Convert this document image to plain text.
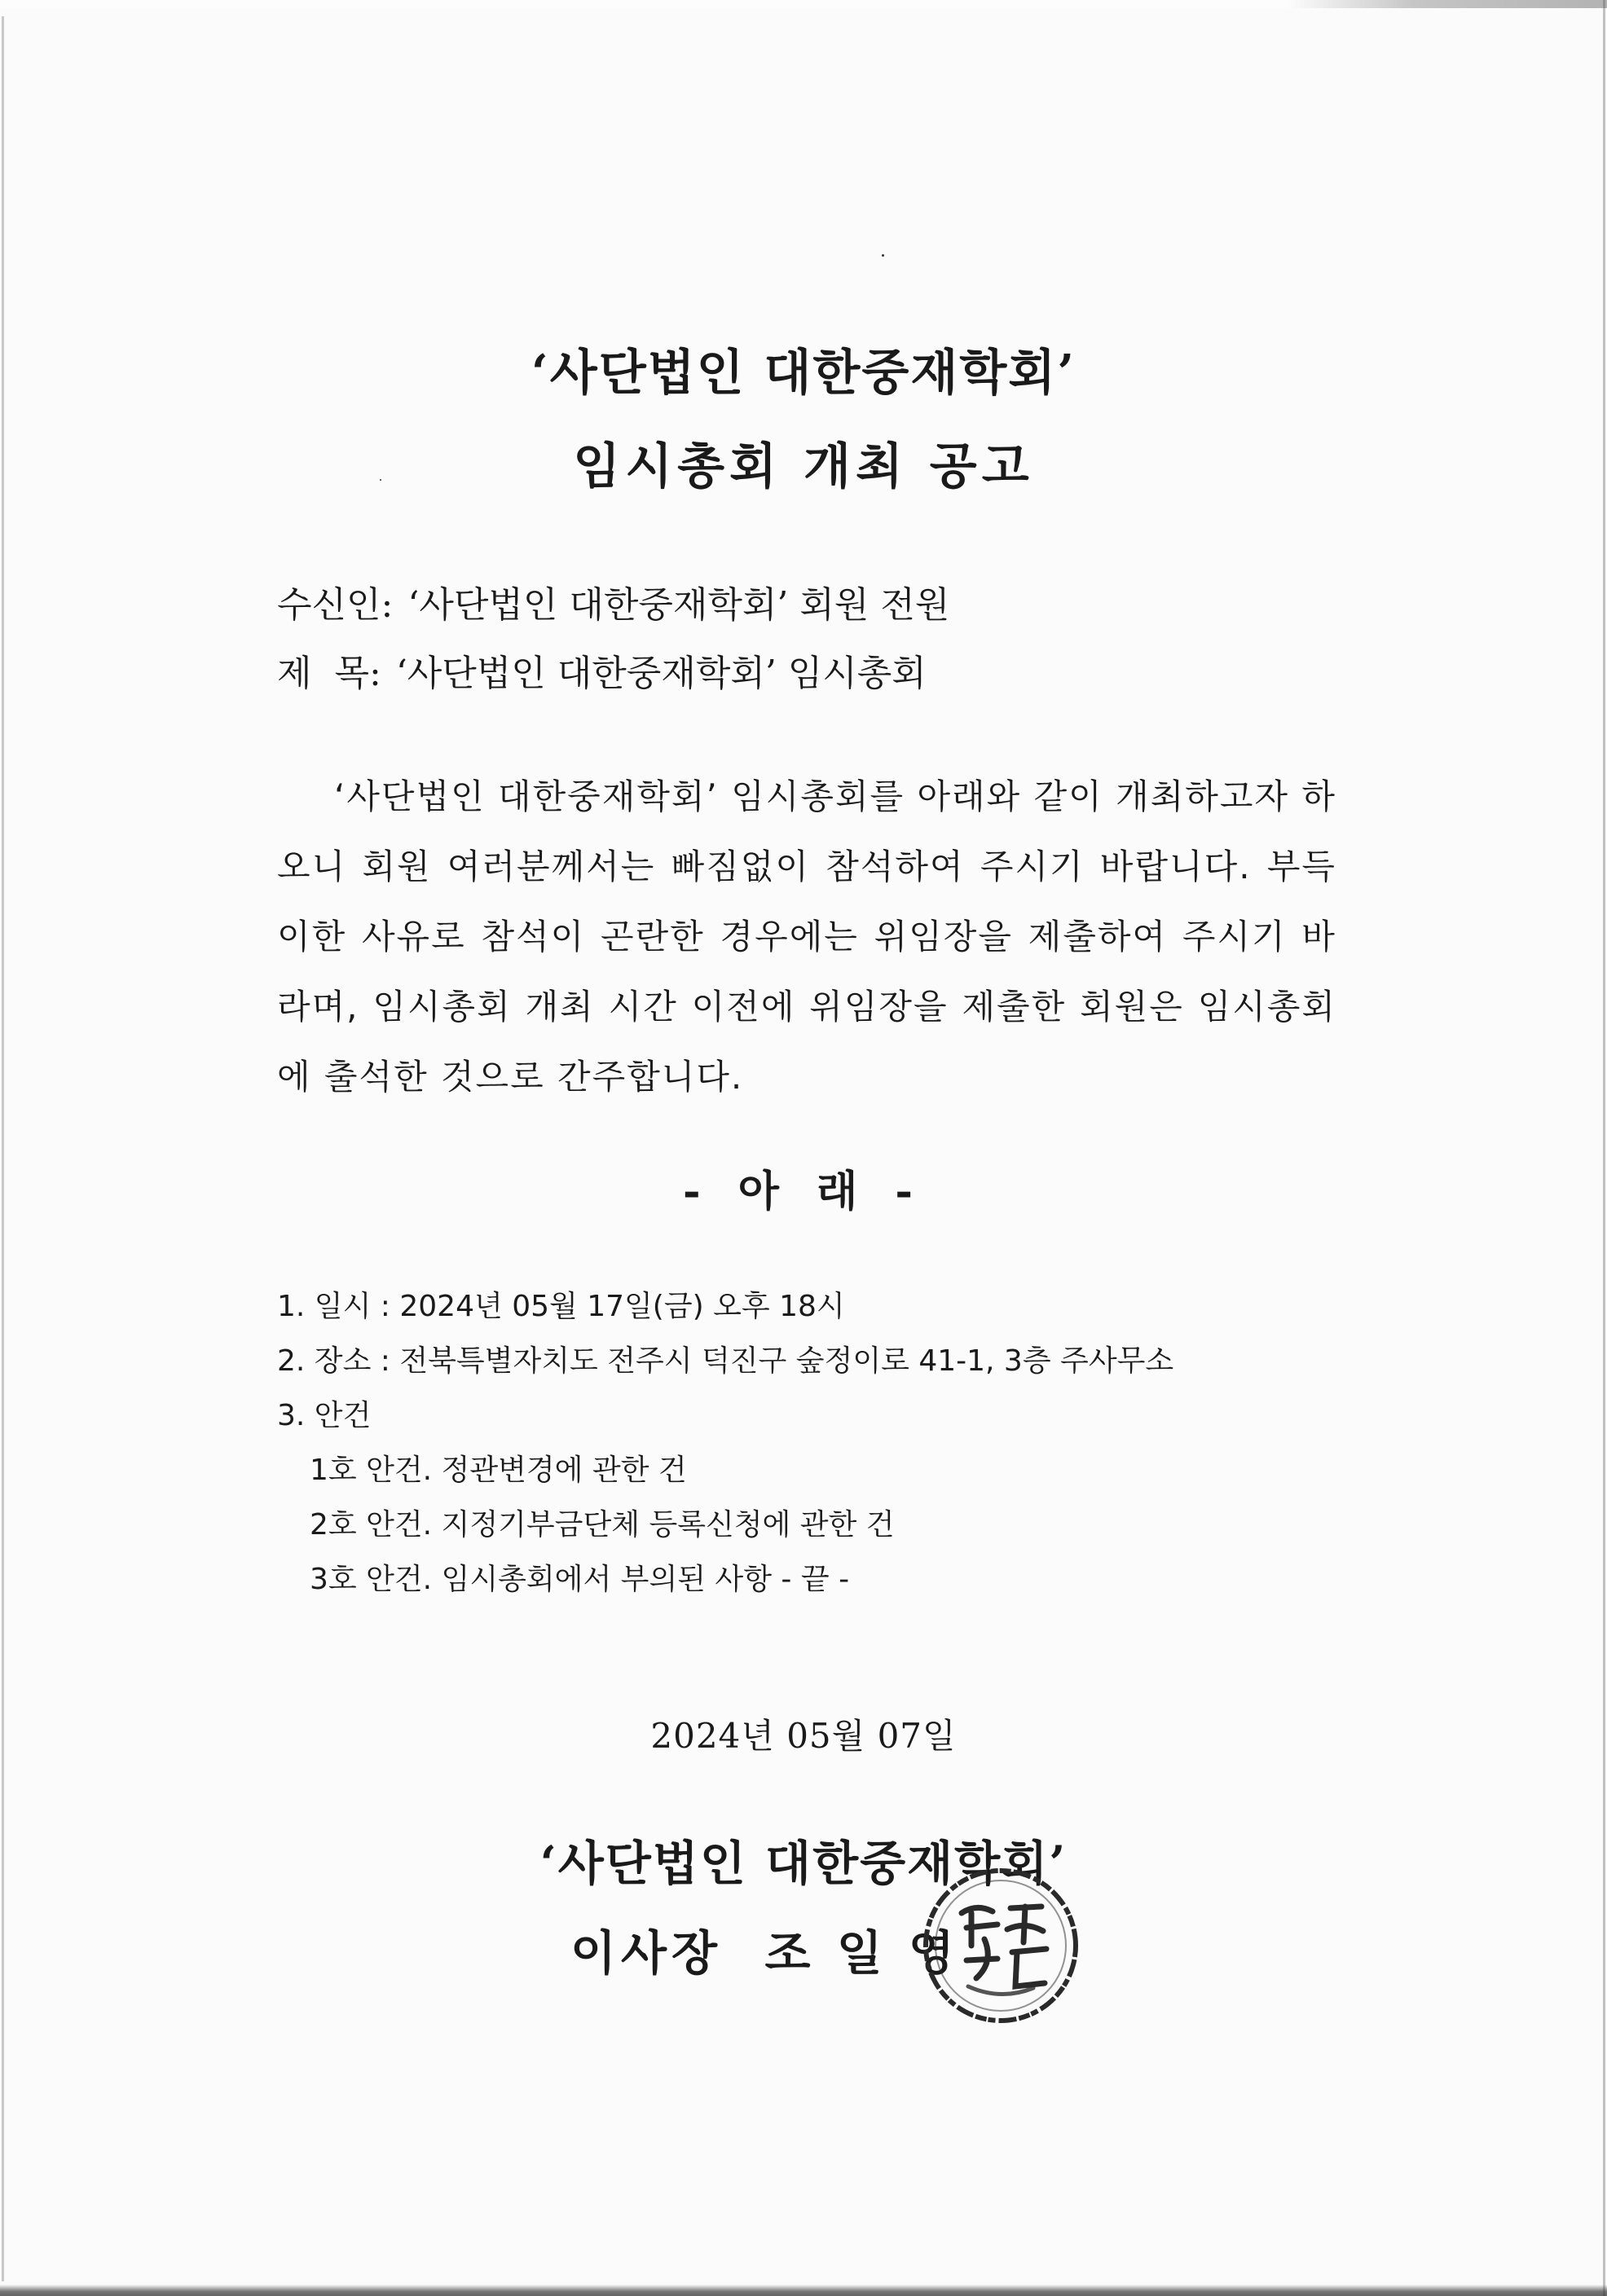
‘사단법인 대한중재학회’
임시총회 개최 공고
수신인: ‘사단법인 대한중재학회’ 회원 전원
제  목: ‘사단법인 대한중재학회’ 임시총회

‘사단법인 대한중재학회’ 임시총회를 아래와 같이 개최하고자 하오니 회원 여러분께서는 빠짐없이 참석하여 주시기 바랍니다. 부득이한 사유로 참석이 곤란한 경우에는 위임장을 제출하여 주시기 바라며, 임시총회 개최 시간 이전에 위임장을 제출한 회원은 임시총회에 출석한 것으로 간주합니다.

- 아 래 -
1. 일시 : 2024년 05월 17일(금) 오후 18시
2. 장소 : 전북특별자치도 전주시 덕진구 숲정이로 41-1, 3층 주사무소
3. 안건
1호 안건. 정관변경에 관한 건
2호 안건. 지정기부금단체 등록신청에 관한 건
3호 안건. 임시총회에서 부의된 사항 - 끝 -
2024년 05월 07일
‘사단법인 대한중재학회’
이사장  조 일 영
